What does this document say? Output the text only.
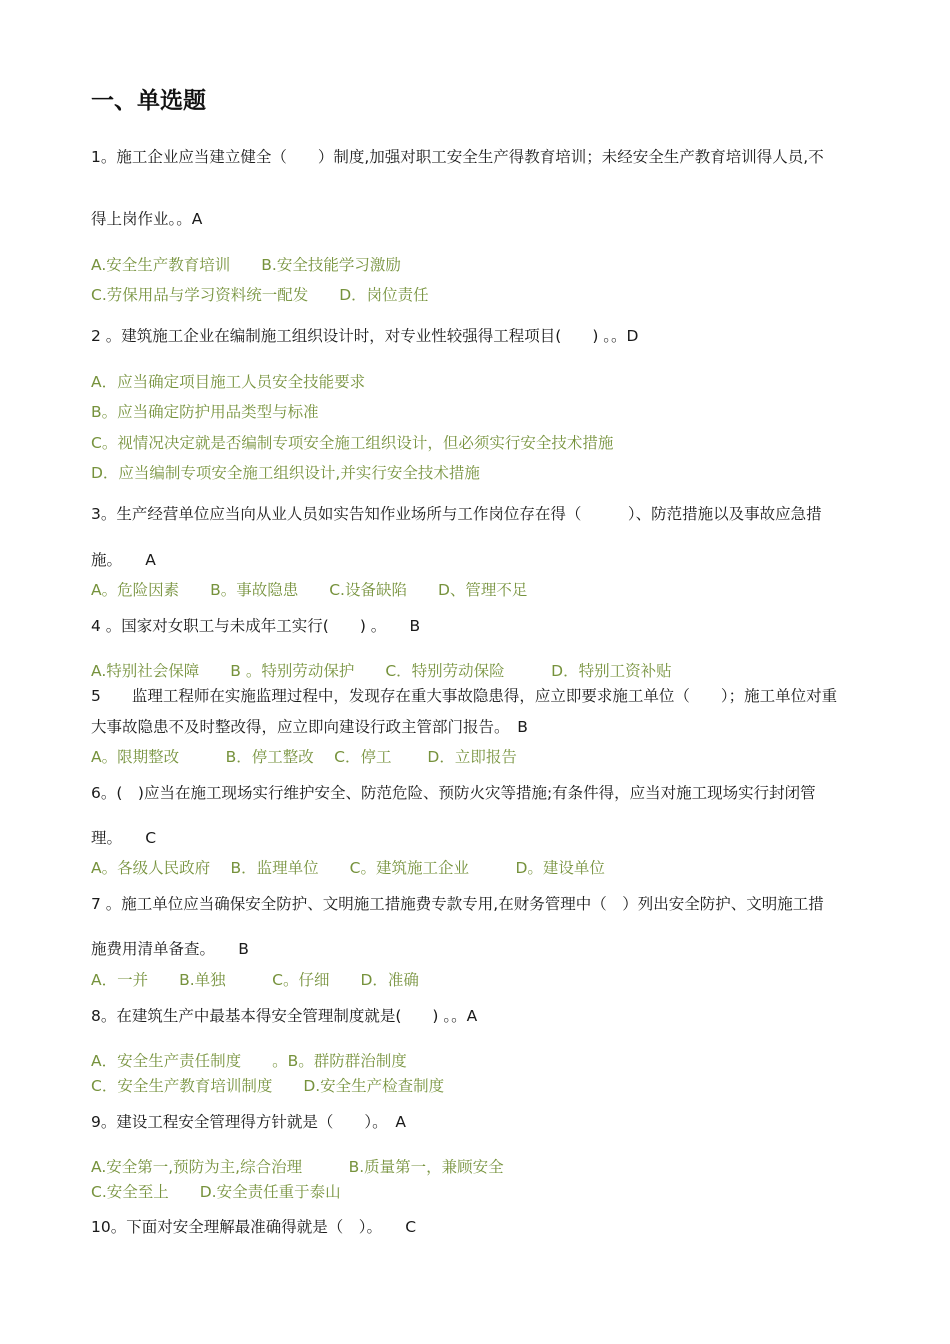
一、单选题
1。施工企业应当建立健全（　　）制度,加强对职工安全生产得教育培训；未经安全生产教育培训得人员,不
得上岗作业。。A
A.安全生产教育培训　　B.安全技能学习激励
C.劳保用品与学习资料统一配发　　D．岗位责任
2 。建筑施工企业在编制施工组织设计时，对专业性较强得工程项目(　　) 。。D
A．应当确定项目施工人员安全技能要求
B。应当确定防护用品类型与标准
C。视情况决定就是否编制专项安全施工组织设计，但必须实行安全技术措施
D．应当编制专项安全施工组织设计,并实行安全技术措施
3。生产经营单位应当向从业人员如实告知作业场所与工作岗位存在得（　　　）、防范措施以及事故应急措
施。　　A
A。危险因素　　B。事故隐患　　C.设备缺陷　　D、管理不足
4 。国家对女职工与未成年工实行(　　) 。　　B
A.特别社会保障　　B 。特别劳动保护　　C．特别劳动保险　　　D．特别工资补贴
5　　监理工程师在实施监理过程中，发现存在重大事故隐患得，应立即要求施工单位（　　）；施工单位对重
大事故隐患不及时整改得，应立即向建设行政主管部门报告。　B
A。限期整改　　　B．停工整改　 C．停工　　 D．立即报告
6。(　)应当在施工现场实行维护安全、防范危险、预防火灾等措施;有条件得，应当对施工现场实行封闭管
理。　　C
A。各级人民政府　 B．监理单位　　C。建筑施工企业　　　D。建设单位
7 。施工单位应当确保安全防护、文明施工措施费专款专用,在财务管理中（　）列出安全防护、文明施工措
施费用清单备查。　　B
A．一并　　B.单独　　　C。仔细　　D．准确
8。在建筑生产中最基本得安全管理制度就是(　　) 。。A
A．安全生产责任制度　　。B。群防群治制度
C．安全生产教育培训制度　　D.安全生产检查制度
9。建设工程安全管理得方针就是（　　）。　A
A.安全第一,预防为主,综合治理　　　B.质量第一，兼顾安全
C.安全至上　　D.安全责任重于泰山
10。下面对安全理解最准确得就是（　）。　　C
